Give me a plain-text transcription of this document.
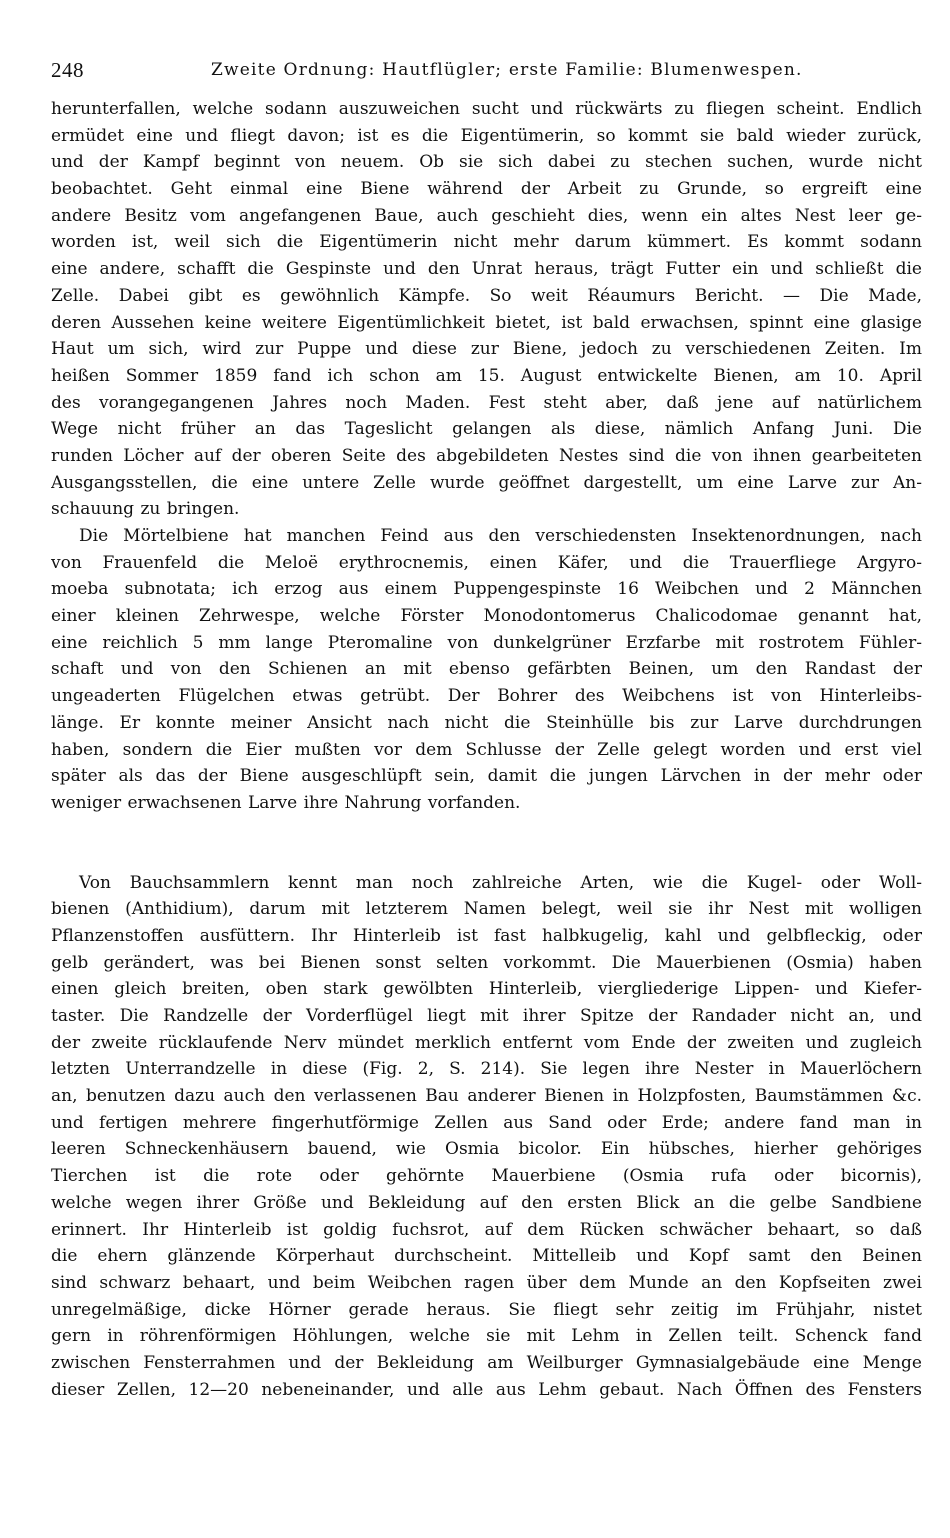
248	Zweite Ordnung: Hautflügler; erste Familie: Blumenwespen.
herunterfallen, welche sodann auszuweichen sucht und rückwärts zu fliegen scheint. Endlich
ermüdet eine und fliegt davon; ist es die Eigentümerin, so kommt sie bald wieder zurück,
und der Kampf beginnt von neuem. Ob sie sich dabei zu stechen suchen, wurde nicht
beobachtet. Geht einmal eine Biene während der Arbeit zu Grunde, so ergreift eine
andere Besitz vom angefangenen Baue, auch geschieht dies, wenn ein altes Nest leer ge-
worden ist, weil sich die Eigentümerin nicht mehr darum kümmert. Es kommt sodann
eine andere, schafft die Gespinste und den Unrat heraus, trägt Futter ein und schließt die
Zelle. Dabei gibt es gewöhnlich Kämpfe. So weit Réaumurs Bericht. — Die Made,
deren Aussehen keine weitere Eigentümlichkeit bietet, ist bald erwachsen, spinnt eine glasige
Haut um sich, wird zur Puppe und diese zur Biene, jedoch zu verschiedenen Zeiten. Im
heißen Sommer 1859 fand ich schon am 15. August entwickelte Bienen, am 10. April
des vorangegangenen Jahres noch Maden. Fest steht aber, daß jene auf natürlichem
Wege nicht früher an das Tageslicht gelangen als diese, nämlich Anfang Juni. Die
runden Löcher auf der oberen Seite des abgebildeten Nestes sind die von ihnen gearbeiteten
Ausgangsstellen, die eine untere Zelle wurde geöffnet dargestellt, um eine Larve zur An-
schauung zu bringen.
Die Mörtelbiene hat manchen Feind aus den verschiedensten Insektenordnungen, nach
von Frauenfeld die Meloë erythrocnemis, einen Käfer, und die Trauerfliege Argyro-
moeba subnotata; ich erzog aus einem Puppengespinste 16 Weibchen und 2 Männchen
einer kleinen Zehrwespe, welche Förster Monodontomerus Chalicodomae genannt hat,
eine reichlich 5 mm lange Pteromaline von dunkelgrüner Erzfarbe mit rostrotem Fühler-
schaft und von den Schienen an mit ebenso gefärbten Beinen, um den Randast der
ungeaderten Flügelchen etwas getrübt. Der Bohrer des Weibchens ist von Hinterleibs-
länge. Er konnte meiner Ansicht nach nicht die Steinhülle bis zur Larve durchdrungen
haben, sondern die Eier mußten vor dem Schlusse der Zelle gelegt worden und erst viel
später als das der Biene ausgeschlüpft sein, damit die jungen Lärvchen in der mehr oder
weniger erwachsenen Larve ihre Nahrung vorfanden.
Von Bauchsammlern kennt man noch zahlreiche Arten, wie die Kugel- oder Woll-
bienen (Anthidium), darum mit letzterem Namen belegt, weil sie ihr Nest mit wolligen
Pflanzenstoffen ausfüttern. Ihr Hinterleib ist fast halbkugelig, kahl und gelbfleckig, oder
gelb gerändert, was bei Bienen sonst selten vorkommt. Die Mauerbienen (Osmia) haben
einen gleich breiten, oben stark gewölbten Hinterleib, viergliederige Lippen- und Kiefer-
taster. Die Randzelle der Vorderflügel liegt mit ihrer Spitze der Randader nicht an, und
der zweite rücklaufende Nerv mündet merklich entfernt vom Ende der zweiten und zugleich
letzten Unterrandzelle in diese (Fig. 2, S. 214). Sie legen ihre Nester in Mauerlöchern
an, benutzen dazu auch den verlassenen Bau anderer Bienen in Holzpfosten, Baumstämmen &c.
und fertigen mehrere fingerhutförmige Zellen aus Sand oder Erde; andere fand man in
leeren Schneckenhäusern bauend, wie Osmia bicolor. Ein hübsches, hierher gehöriges
Tierchen ist die rote oder gehörnte Mauerbiene (Osmia rufa oder bicornis),
welche wegen ihrer Größe und Bekleidung auf den ersten Blick an die gelbe Sandbiene
erinnert. Ihr Hinterleib ist goldig fuchsrot, auf dem Rücken schwächer behaart, so daß
die ehern glänzende Körperhaut durchscheint. Mittelleib und Kopf samt den Beinen
sind schwarz behaart, und beim Weibchen ragen über dem Munde an den Kopfseiten zwei
unregelmäßige, dicke Hörner gerade heraus. Sie fliegt sehr zeitig im Frühjahr, nistet
gern in röhrenförmigen Höhlungen, welche sie mit Lehm in Zellen teilt. Schenck fand
zwischen Fensterrahmen und der Bekleidung am Weilburger Gymnasialgebäude eine Menge
dieser Zellen, 12—20 nebeneinander, und alle aus Lehm gebaut. Nach Öffnen des Fensters
